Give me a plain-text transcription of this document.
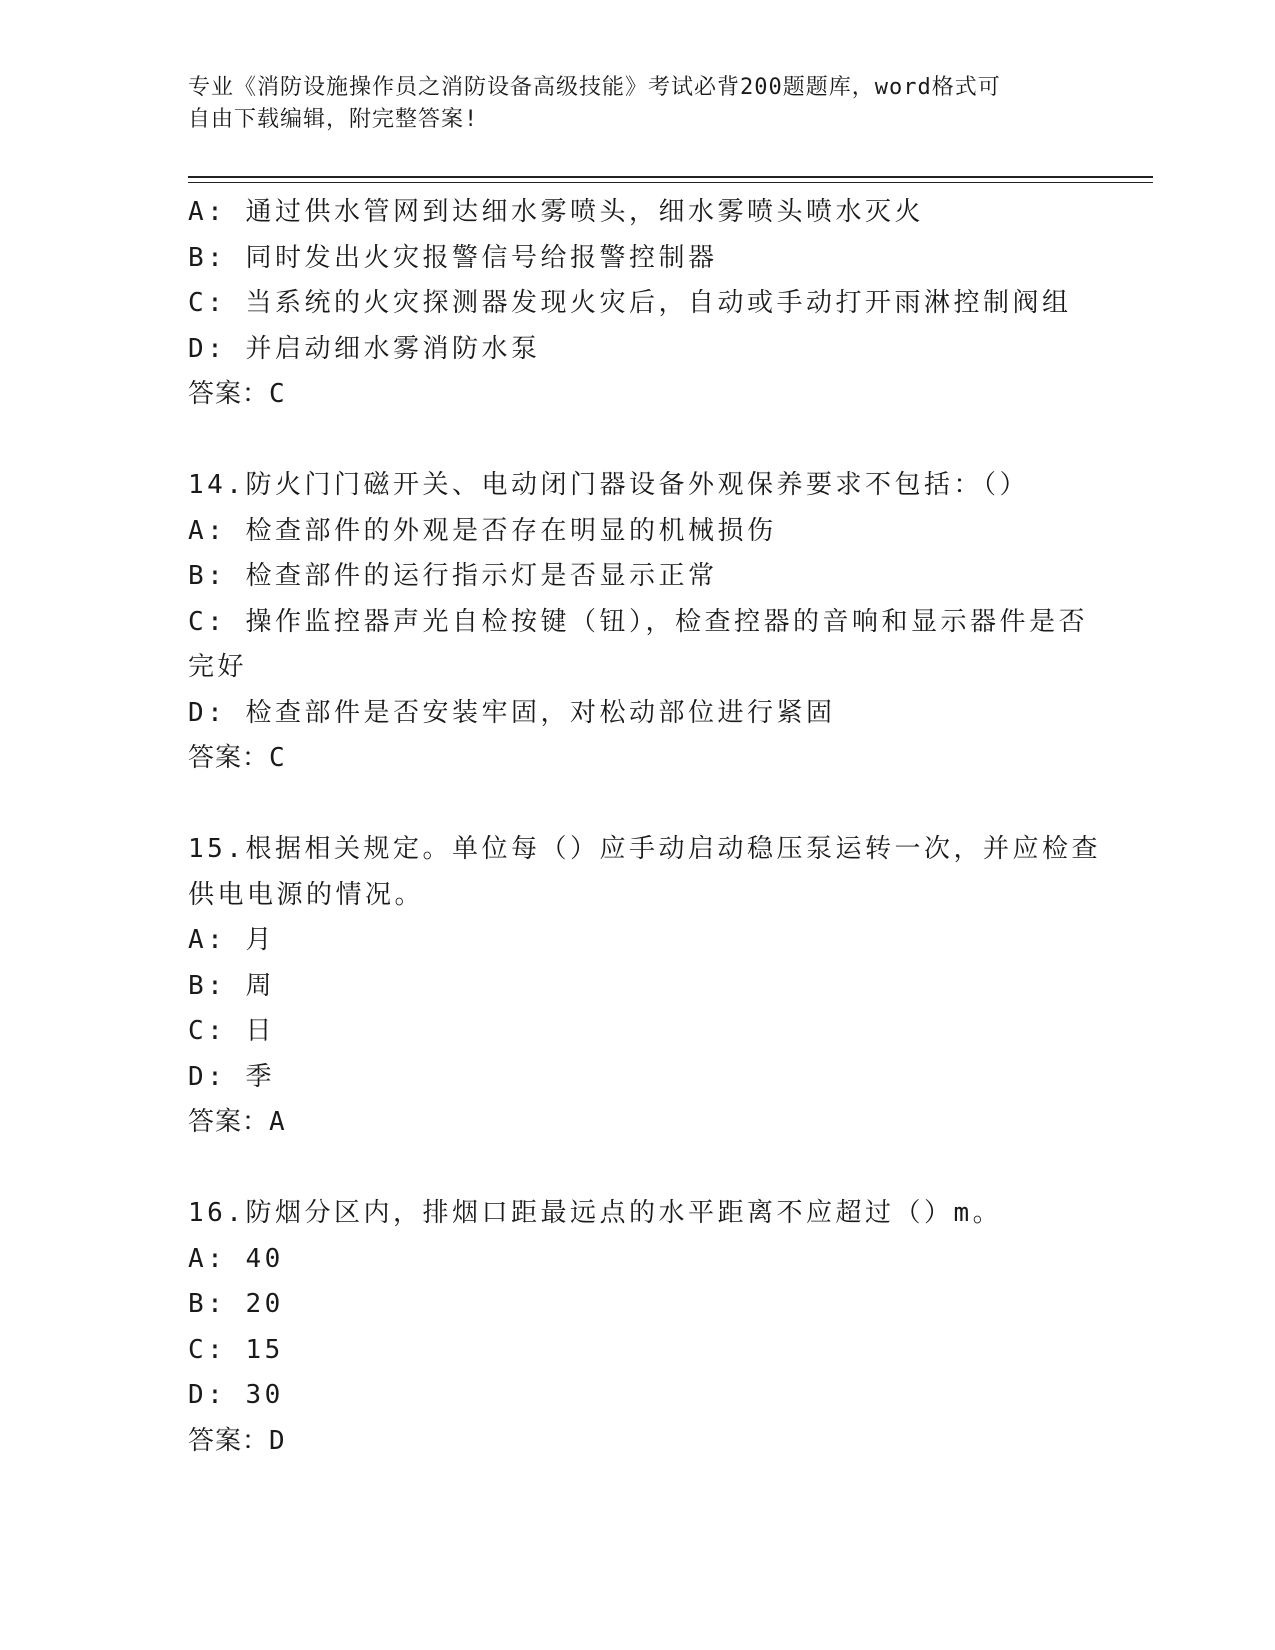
专业《消防设施操作员之消防设备高级技能》考试必背200题题库，word格式可
自由下载编辑，附完整答案!
A: 通过供水管网到达细水雾喷头，细水雾喷头喷水灭火
B: 同时发出火灾报警信号给报警控制器
C: 当系统的火灾探测器发现火灾后，自动或手动打开雨淋控制阀组
D: 并启动细水雾消防水泵
答案：C
14.防火门门磁开关、电动闭门器设备外观保养要求不包括：（）
A: 检查部件的外观是否存在明显的机械损伤
B: 检查部件的运行指示灯是否显示正常
C: 操作监控器声光自检按键（钮），检查控器的音响和显示器件是否
完好
D: 检查部件是否安装牢固，对松动部位进行紧固
答案：C
15.根据相关规定。单位每（）应手动启动稳压泵运转一次，并应检查
供电电源的情况。
A: 月
B: 周
C: 日
D: 季
答案：A
16.防烟分区内，排烟口距最远点的水平距离不应超过（）m。
A: 40
B: 20
C: 15
D: 30
答案：D
